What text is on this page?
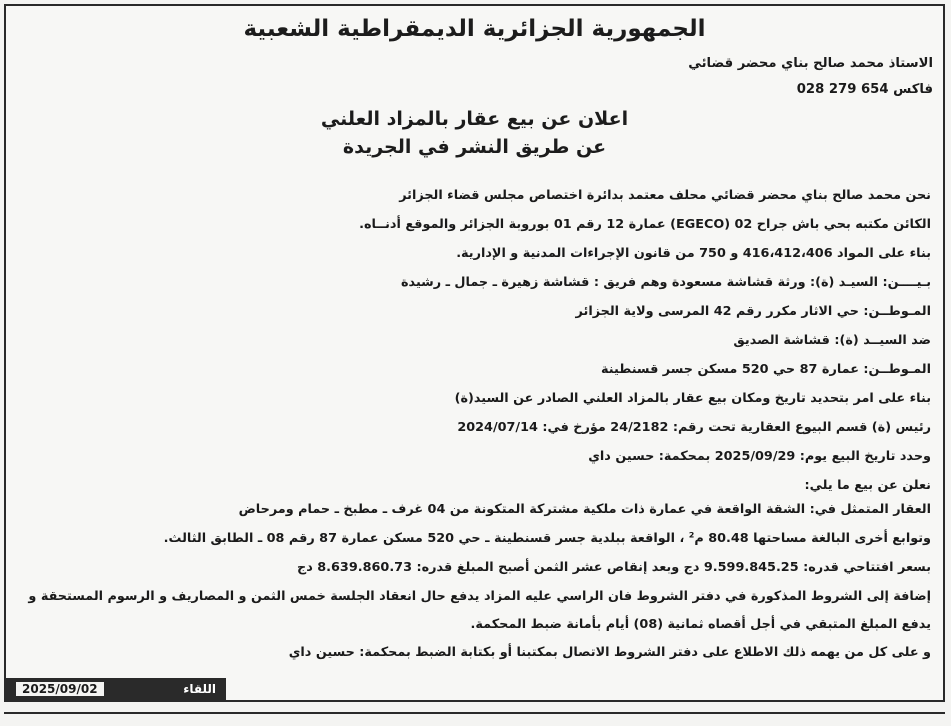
الجمهورية الجزائرية الديمقراطية الشعبية
الاستاذ محمد صالح بناي محضر قضائي
فاكس 654 279 028
اعلان عن بيع عقار بالمزاد العلني
عن طريق النشر في الجريدة
نحن محمد صالح بناي محضر قضائي محلف معتمد بدائرة اختصاص مجلس قضاء الجزائر
الكائن مكتبه بحي باش جراح 02 (EGECO) عمارة 12 رقم 01 بوروبة الجزائر والموقع أدنــاه.
بناء على المواد 416،412،406 و 750 من قانون الإجراءات المدنية و الإدارية.
بـيــــن: السيـد (ة): ورثة قشاشة مسعودة وهم فريق : قشاشة زهيرة ـ جمال ـ رشيدة
المـوطــن: حي الاثار مكرر رقم 42 المرسى ولاية الجزائر
ضد السيــد (ة): قشاشة الصديق
المـوطــن: عمارة 87 حي 520 مسكن جسر قسنطينة
بناء على امر بتحديد تاريخ ومكان بيع عقار بالمزاد العلني الصادر عن السيد(ة)
رئيس (ة) قسم البيوع العقارية تحت رقم: 24/2182 مؤرخ في: 2024/07/14
وحدد تاريخ البيع يوم: 2025/09/29 بمحكمة: حسين داي
نعلن عن بيع ما يلي:
العقار المتمثل في: الشقة الواقعة في عمارة ذات ملكية مشتركة المتكونة من 04 غرف ـ مطبخ ـ حمام ومرحاض
وتوابع أخرى البالغة مساحتها 80.48 م² ، الواقعة ببلدية جسر قسنطينة ـ حي 520 مسكن عمارة 87 رقم 08 ـ الطابق الثالث.
بسعر افتتاحي قدره: 9.599.845.25 دج وبعد إنقاص عشر الثمن أصبح المبلغ قدره: 8.639.860.73 دج
إضافة إلى الشروط المذكورة في دفتر الشروط فان الراسي عليه المزاد يدفع حال انعقاد الجلسة خمس الثمن و المصاريف و الرسوم المستحقة و
يدفع المبلغ المتبقي في أجل أقصاه ثمانية (08) أيام بأمانة ضبط المحكمة.
و على كل من يهمه ذلك الاطلاع على دفتر الشروط الاتصال بمكتبنا أو بكتابة الضبط بمحكمة: حسين داي
اللقاء
2025/09/02
